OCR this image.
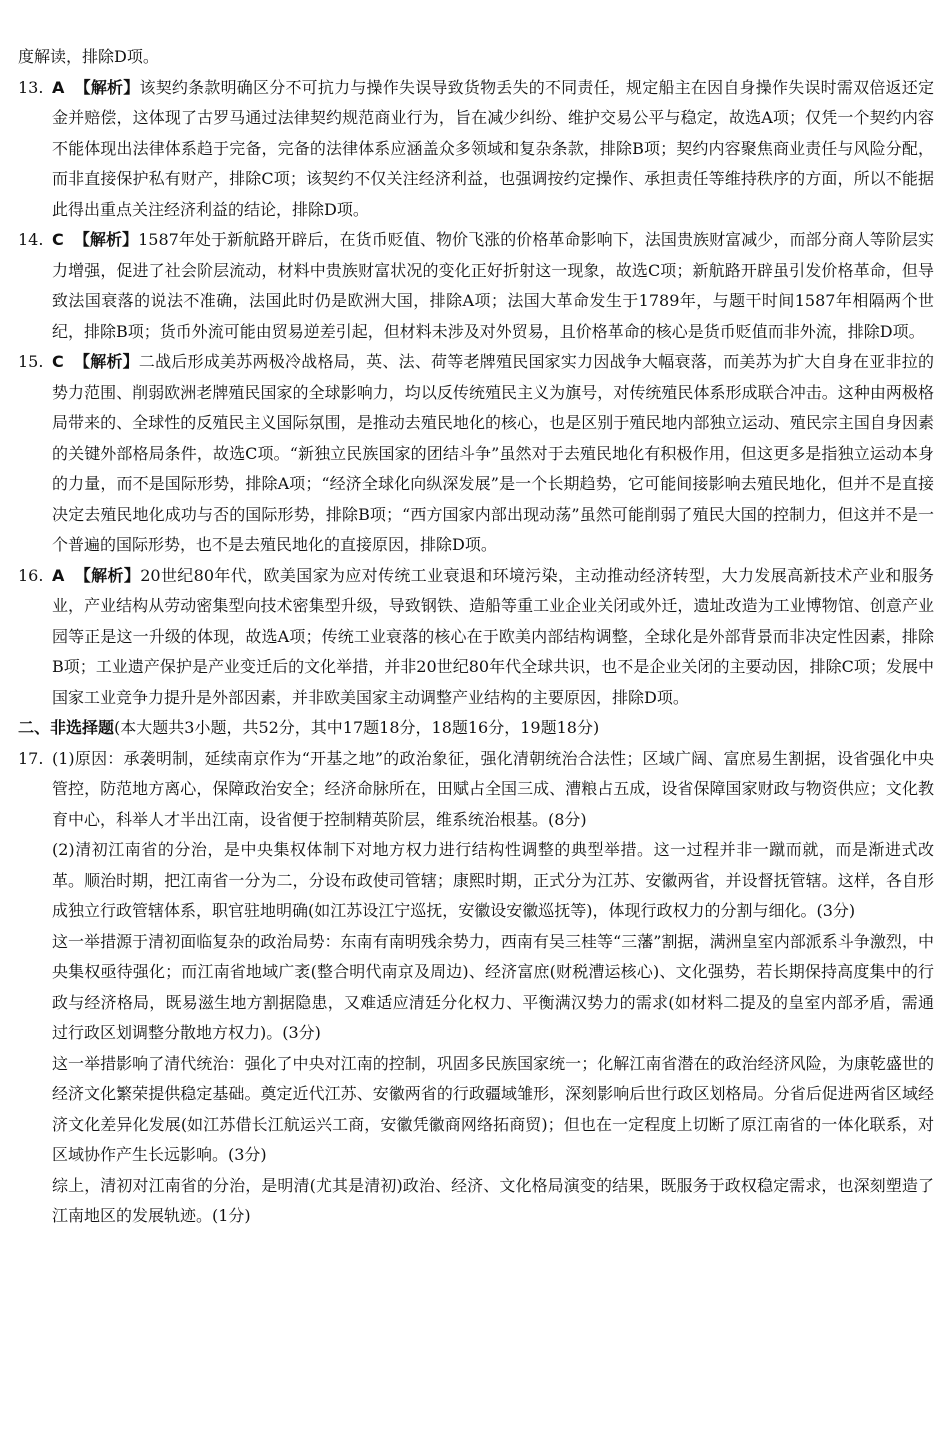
度解读，排除D项。

13. A 【解析】该契约条款明确区分不可抗力与操作失误导致货物丢失的不同责任，规定船主在因自身操作失误时需双倍返还定金并赔偿，这体现了古罗马通过法律契约规范商业行为，旨在减少纠纷、维护交易公平与稳定，故选A项；仅凭一个契约内容不能体现出法律体系趋于完备，完备的法律体系应涵盖众多领域和复杂条款，排除B项；契约内容聚焦商业责任与风险分配，而非直接保护私有财产，排除C项；该契约不仅关注经济利益，也强调按约定操作、承担责任等维持秩序的方面，所以不能据此得出重点关注经济利益的结论，排除D项。

14. C 【解析】1587年处于新航路开辟后，在货币贬值、物价飞涨的价格革命影响下，法国贵族财富减少，而部分商人等阶层实力增强，促进了社会阶层流动，材料中贵族财富状况的变化正好折射这一现象，故选C项；新航路开辟虽引发价格革命，但导致法国衰落的说法不准确，法国此时仍是欧洲大国，排除A项；法国大革命发生于1789年，与题干时间1587年相隔两个世纪，排除B项；货币外流可能由贸易逆差引起，但材料未涉及对外贸易，且价格革命的核心是货币贬值而非外流，排除D项。

15. C 【解析】二战后形成美苏两极冷战格局，英、法、荷等老牌殖民国家实力因战争大幅衰落，而美苏为扩大自身在亚非拉的势力范围、削弱欧洲老牌殖民国家的全球影响力，均以反传统殖民主义为旗号，对传统殖民体系形成联合冲击。这种由两极格局带来的、全球性的反殖民主义国际氛围，是推动去殖民地化的核心，也是区别于殖民地内部独立运动、殖民宗主国自身因素的关键外部格局条件，故选C项。“新独立民族国家的团结斗争”虽然对于去殖民地化有积极作用，但这更多是指独立运动本身的力量，而不是国际形势，排除A项；“经济全球化向纵深发展”是一个长期趋势，它可能间接影响去殖民地化，但并不是直接决定去殖民地化成功与否的国际形势，排除B项；“西方国家内部出现动荡”虽然可能削弱了殖民大国的控制力，但这并不是一个普遍的国际形势，也不是去殖民地化的直接原因，排除D项。

16. A 【解析】20世纪80年代，欧美国家为应对传统工业衰退和环境污染，主动推动经济转型，大力发展高新技术产业和服务业，产业结构从劳动密集型向技术密集型升级，导致钢铁、造船等重工业企业关闭或外迁，遗址改造为工业博物馆、创意产业园等正是这一升级的体现，故选A项；传统工业衰落的核心在于欧美内部结构调整，全球化是外部背景而非决定性因素，排除B项；工业遗产保护是产业变迁后的文化举措，并非20世纪80年代全球共识，也不是企业关闭的主要动因，排除C项；发展中国家工业竞争力提升是外部因素，并非欧美国家主动调整产业结构的主要原因，排除D项。

二、非选择题(本大题共3小题，共52分，其中17题18分，18题16分，19题18分)

17. (1)原因：承袭明制，延续南京作为“开基之地”的政治象征，强化清朝统治合法性；区域广阔、富庶易生割据，设省强化中央管控，防范地方离心，保障政治安全；经济命脉所在，田赋占全国三成、漕粮占五成，设省保障国家财政与物资供应；文化教育中心，科举人才半出江南，设省便于控制精英阶层，维系统治根基。(8分)

(2)清初江南省的分治，是中央集权体制下对地方权力进行结构性调整的典型举措。这一过程并非一蹴而就，而是渐进式改革。顺治时期，把江南省一分为二，分设布政使司管辖；康熙时期，正式分为江苏、安徽两省，并设督抚管辖。这样，各自形成独立行政管辖体系，职官驻地明确(如江苏设江宁巡抚，安徽设安徽巡抚等)，体现行政权力的分割与细化。(3分)

这一举措源于清初面临复杂的政治局势：东南有南明残余势力，西南有吴三桂等“三藩”割据，满洲皇室内部派系斗争激烈，中央集权亟待强化；而江南省地域广袤(整合明代南京及周边)、经济富庶(财税漕运核心)、文化强势，若长期保持高度集中的行政与经济格局，既易滋生地方割据隐患，又难适应清廷分化权力、平衡满汉势力的需求(如材料二提及的皇室内部矛盾，需通过行政区划调整分散地方权力)。(3分)

这一举措影响了清代统治：强化了中央对江南的控制，巩固多民族国家统一；化解江南省潜在的政治经济风险，为康乾盛世的经济文化繁荣提供稳定基础。奠定近代江苏、安徽两省的行政疆域雏形，深刻影响后世行政区划格局。分省后促进两省区域经济文化差异化发展(如江苏借长江航运兴工商，安徽凭徽商网络拓商贸)；但也在一定程度上切断了原江南省的一体化联系，对区域协作产生长远影响。(3分)

综上，清初对江南省的分治，是明清(尤其是清初)政治、经济、文化格局演变的结果，既服务于政权稳定需求，也深刻塑造了江南地区的发展轨迹。(1分)
